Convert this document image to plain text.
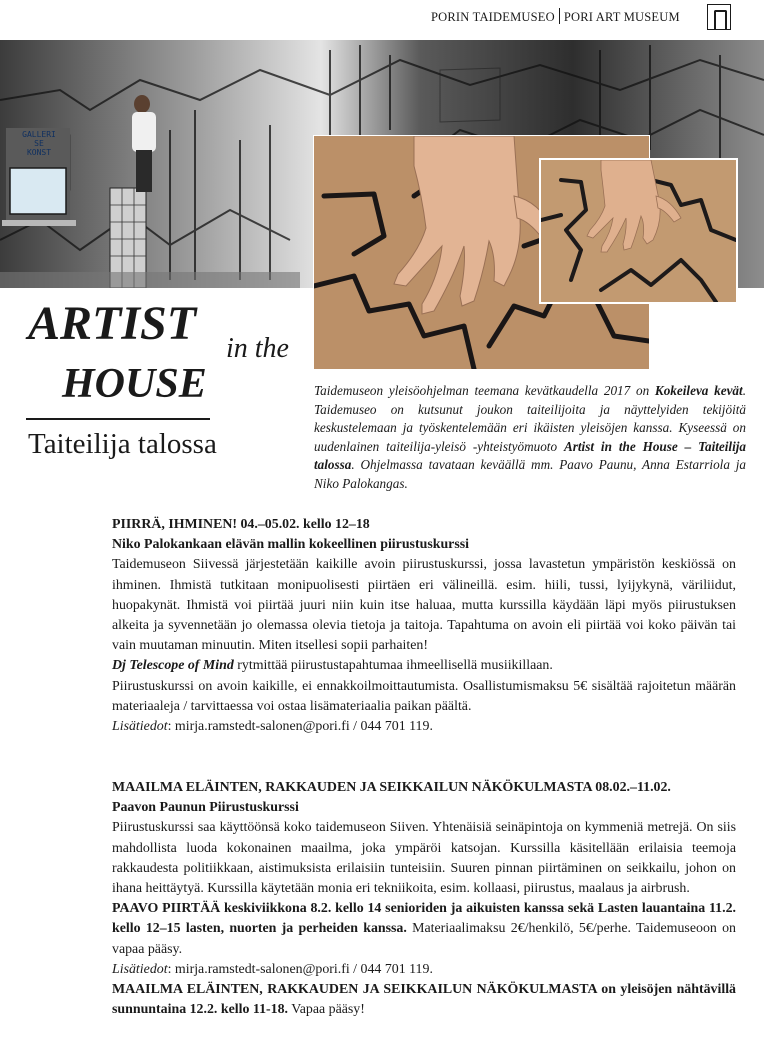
PORIN TAIDEMUSEO PORI ART MUSEUM
GALLERI
SE
KONST
ARTIST in the
HOUSE
Taiteilija talossa

Taidemuseon yleisöohjelman teemana kevätkaudella 2017 on Kokeileva kevät. Taidemuseo on kutsunut joukon taiteilijoita ja näyttelyiden tekijöitä keskustelemaan ja työskentelemään eri ikäisten yleisöjen kanssa. Kyseessä on uudenlainen taiteilija-yleisö -yhteistyömuoto Artist in the House – Taiteilija talossa. Ohjelmassa tavataan keväällä mm. Paavo Paunu, Anna Estarriola ja Niko Palokangas.

PIIRRÄ, IHMINEN! 04.–05.02. kello 12–18

Niko Palokankaan elävän mallin kokeellinen piirustuskurssi

Taidemuseon Siivessä järjestetään kaikille avoin piirustuskurssi, jossa lavastetun ympäristön keskiössä on ihminen. Ihmistä tutkitaan monipuolisesti piirtäen eri välineillä. esim. hiili, tussi, lyijykynä, väriliidut, huopakynät. Ihmistä voi piirtää juuri niin kuin itse haluaa, mutta kurssilla käydään läpi myös piirustuksen alkeita ja syvennetään jo olemassa olevia tietoja ja taitoja. Tapahtuma on avoin eli piirtää voi koko päivän tai vain muutaman minuutin. Miten itsellesi sopii parhaiten!

Dj Telescope of Mind rytmittää piirustustapahtumaa ihmeellisellä musiikillaan.

Piirustuskurssi on avoin kaikille, ei ennakkoilmoittautumista. Osallistumismaksu 5€ sisältää rajoitetun määrän materiaaleja / tarvittaessa voi ostaa lisämateriaalia paikan päältä.

Lisätiedot: mirja.ramstedt-salonen@pori.fi / 044 701 119.

MAAILMA ELÄINTEN, RAKKAUDEN JA SEIKKAILUN NÄKÖKULMASTA 08.02.–11.02.

Paavon Paunun Piirustuskurssi

Piirustuskurssi saa käyttöönsä koko taidemuseon Siiven. Yhtenäisiä seinäpintoja on kymmeniä metrejä. On siis mahdollista luoda kokonainen maailma, joka ympäröi katsojan. Kurssilla käsitellään erilaisia teemoja rakkaudesta politiikkaan, aistimuksista erilaisiin tunteisiin. Suuren pinnan piirtäminen on seikkailu, johon on ihana heittäytyä. Kurssilla käytetään monia eri tekniikoita, esim. kollaasi, piirustus, maalaus ja airbrush.

PAAVO PIIRTÄÄ keskiviikkona 8.2. kello 14 senioriden ja aikuisten kanssa sekä Lasten lauantaina 11.2. kello 12–15 lasten, nuorten ja perheiden kanssa. Materiaalimaksu 2€/henkilö, 5€/perhe. Taidemuseoon on vapaa pääsy.

Lisätiedot: mirja.ramstedt-salonen@pori.fi / 044 701 119.

MAAILMA ELÄINTEN, RAKKAUDEN JA SEIKKAILUN NÄKÖKULMASTA on yleisöjen nähtävillä sunnuntaina 12.2. kello 11-18. Vapaa pääsy!
